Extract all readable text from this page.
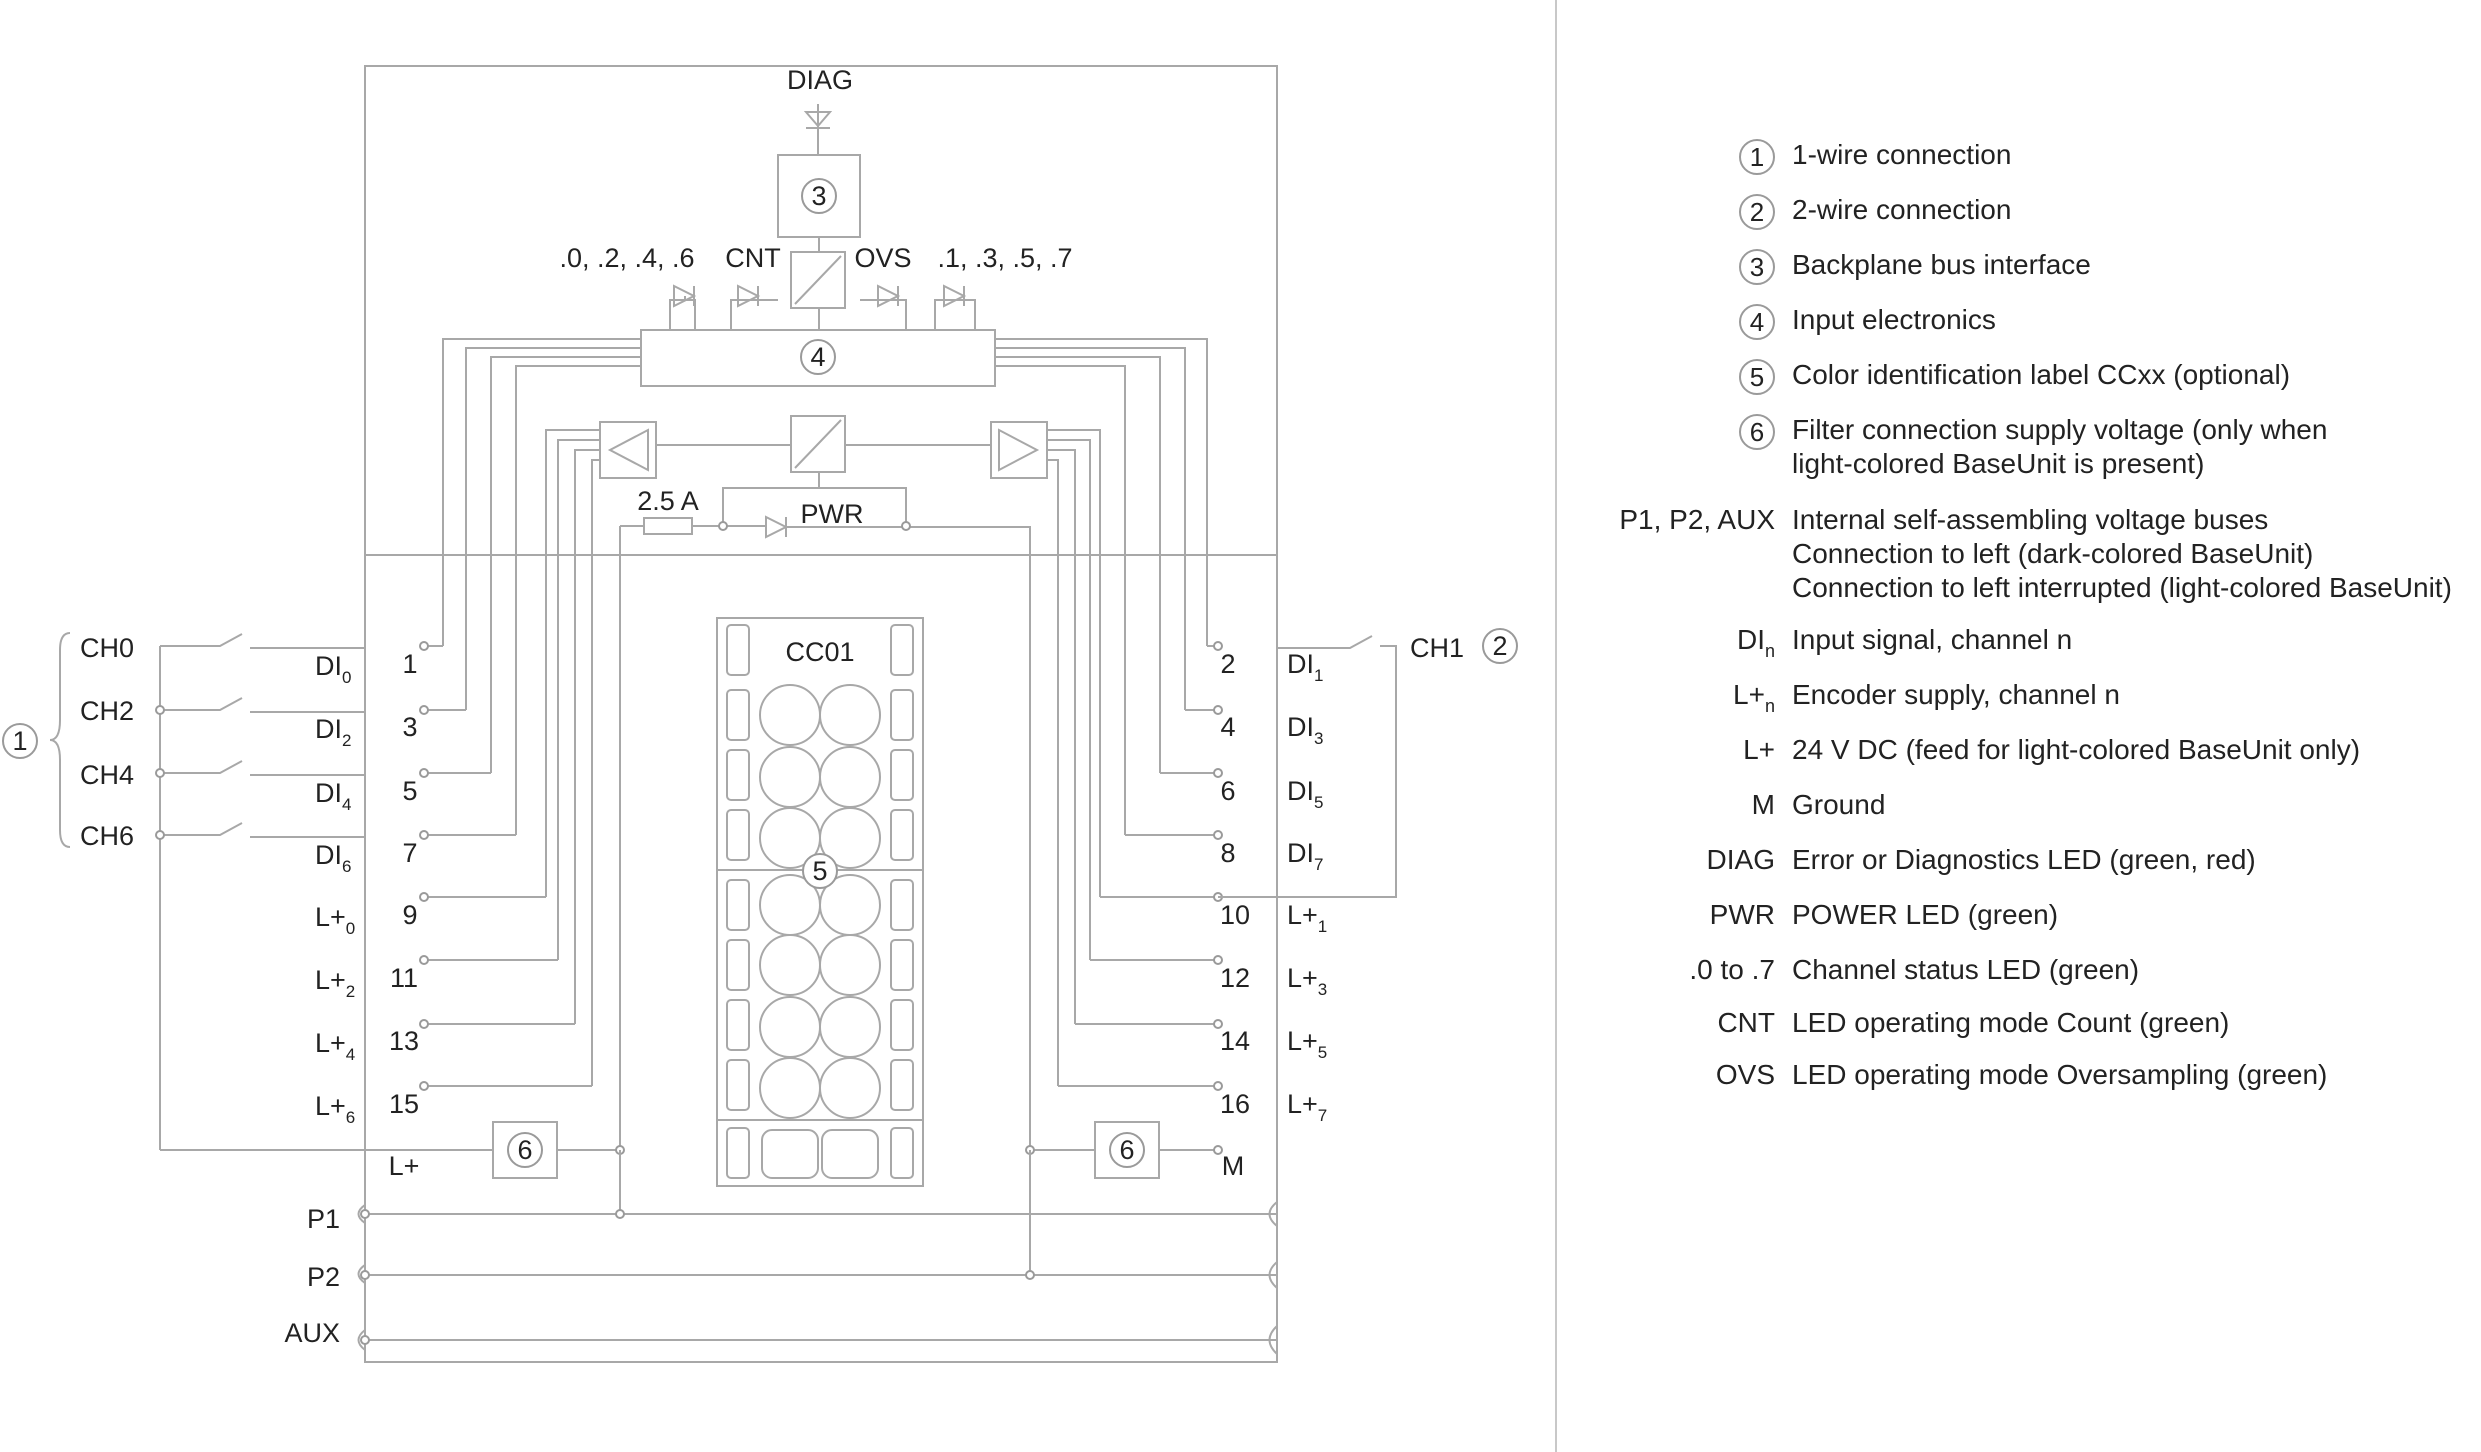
DIAG
3
.0, .2, .4, .6 CNT	OVS .1, .3, .5, .7
4
PWR
2.5 A
1
CH0
CH2
CH4
CH6
CH1 2
$DI_0$
$DI_2$
$DI_4$
$DI_6$
$L+_0$
$L+_2$
$L+_4$
$L+_6$
1
3
5
7
9
11
13
15
2
4
6
8
10
12
14
16
$DI_1$
$DI_3$
$DI_5$
$DI_7$
$L+_1$
$L+_3$
$L+_5$
$L+_7$
CC01
5
6
L+
6
M
P1
P2
AUX
1 1-wire connection
2 2-wire connection
3 Backplane bus interface
4 Input electronics
5 Color identification label CCxx (optional)
6 Filter connection supply voltage (only when
light-colored BaseUnit is present)
P1, P2, AUX Internal self-assembling voltage buses
Connection to left (dark-colored BaseUnit)
Connection to left interrupted (light-colored BaseUnit)
$DI_n$ Input signal, channel n
$L+_n$ Encoder supply, channel n
L+ 24 V DC (feed for light-colored BaseUnit only)
M Ground
DIAG Error or Diagnostics LED (green, red)
PWR POWER LED (green)
.0 to .7 Channel status LED (green)
CNT LED operating mode Count (green)
OVS LED operating mode Oversampling (green)
